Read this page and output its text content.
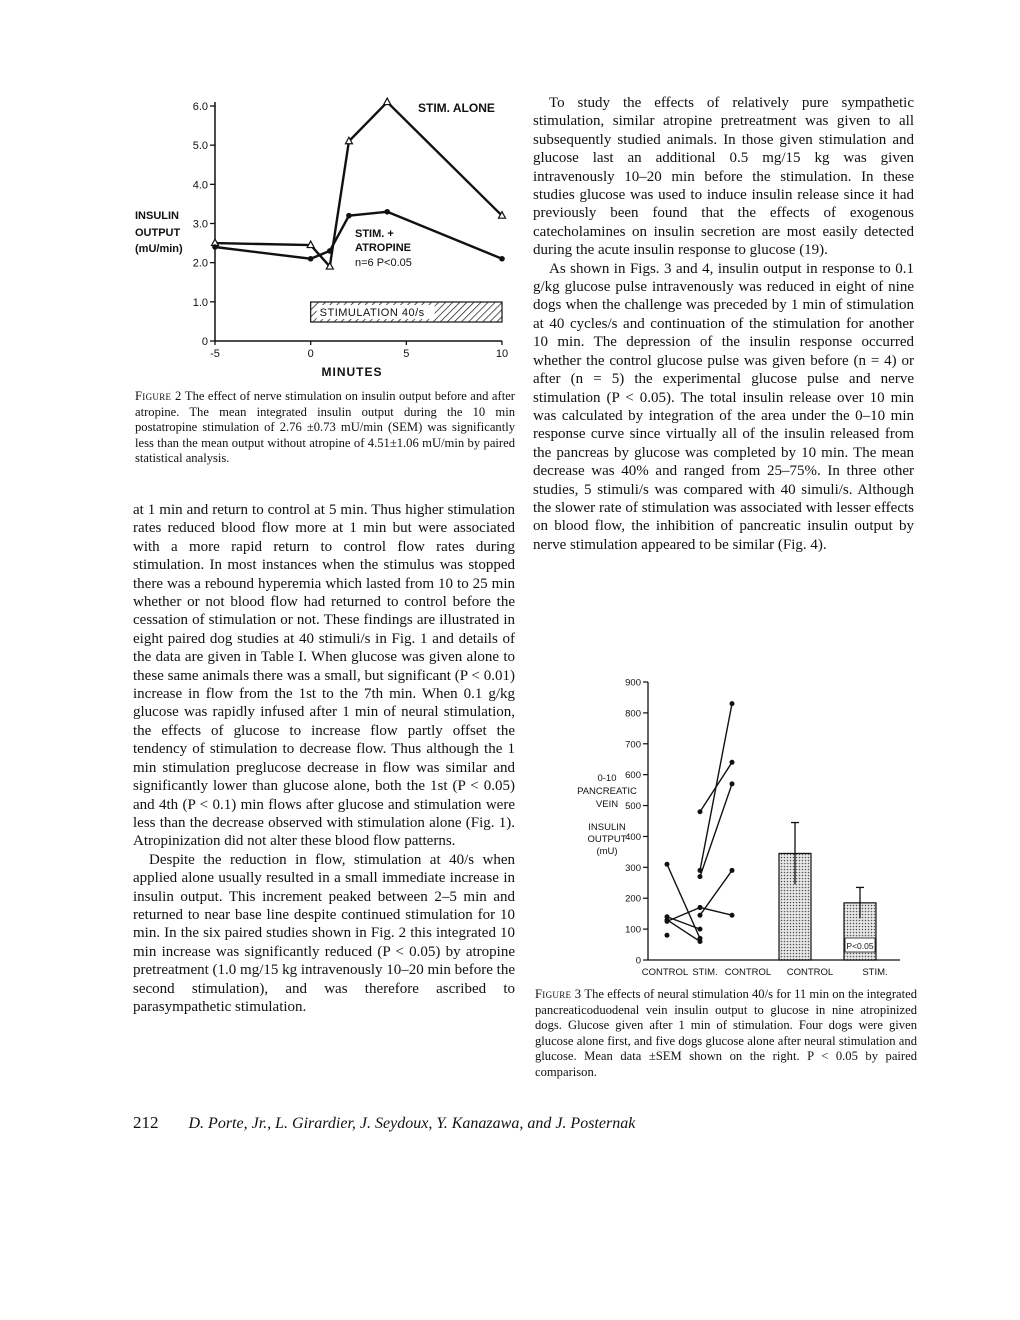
0
1.0
2.0
3.0
4.0
5.0
6.0
-5	0	5	10
STIMULATION 40/s
INSULIN
OUTPUT
(mU/min)
MINUTES
STIM. ALONE
STIM. +
ATROPINE
n=6 P<0.05
Figure 2 The effect of nerve stimulation on insulin output before and after atropine. The mean integrated insulin output during the 10 min postatropine stimulation of 2.76 ±0.73 mU/min (SEM) was significantly less than the mean output without atropine of 4.51±1.06 mU/min by paired statistical analysis.

at 1 min and return to control at 5 min. Thus higher stimulation rates reduced blood flow more at 1 min but were associated with a more rapid return to control flow rates during stimulation. In most instances when the stimulus was stopped there was a rebound hyperemia which lasted from 10 to 25 min whether or not blood flow had returned to control before the cessation of stimulation or not. These findings are illustrated in eight paired dog studies at 40 stimuli/s in Fig. 1 and details of the data are given in Table I. When glucose was given alone to these same animals there was a small, but significant (P < 0.01) increase in flow from the 1st to the 7th min. When 0.1 g/kg glucose was rapidly infused after 1 min of neural stimulation, the effects of glucose to increase flow partly offset the tendency of stimulation to decrease flow. Thus although the 1 min stimulation preglucose decrease in flow was similar and significantly lower than glucose alone, both the 1st (P < 0.05) and 4th (P < 0.1) min flows after glucose and stimulation were less than the decrease observed with stimulation alone (Fig. 1). Atropinization did not alter these blood flow patterns.

Despite the reduction in flow, stimulation at 40/s when applied alone usually resulted in a small immediate increase in insulin output. This increment peaked between 2–5 min and returned to near base line despite continued stimulation for 10 min. In the six paired studies shown in Fig. 2 this integrated 10 min increase was significantly reduced (P < 0.05) by atropine pretreatment (1.0 mg/15 kg intravenously 10–20 min before the second stimulation), and was therefore ascribed to parasympathetic stimulation.

To study the effects of relatively pure sympathetic stimulation, similar atropine pretreatment was given to all subsequently studied animals. In those given stimulation and glucose last an additional 0.5 mg/15 kg was given intravenously 10–20 min before the stimulation. In these studies glucose was used to induce insulin release since it had previously been found that the effects of exogenous catecholamines on insulin secretion are most easily detected during the acute insulin response to glucose (19).

As shown in Figs. 3 and 4, insulin output in response to 0.1 g/kg glucose pulse intravenously was reduced in eight of nine dogs when the challenge was preceded by 1 min of stimulation at 40 cycles/s and continuation of the stimulation for another 10 min. The depression of the insulin response occurred whether the control glucose pulse was given before (n = 4) or after (n = 5) the experimental glucose pulse and nerve stimulation (P < 0.05). The total insulin release over 10 min was calculated by integration of the area under the 0–10 min response curve since virtually all of the insulin released from the pancreas by glucose was completed by 10 min. The mean decrease was 40% and ranged from 25–75%. In three other studies, 5 stimuli/s was compared with 40 simuli/s. Although the slower rate of stimulation was associated with lesser effects on blood flow, the inhibition of pancreatic insulin output by nerve stimulation appeared to be similar (Fig. 4).

0
100
200
300
400
500
600
700
800
900
P<0.05
CONTROL STIM. CONTROL CONTROL	STIM.
0-10
PANCREATIC
VEIN
INSULIN
OUTPUT
(mU)
Figure 3 The effects of neural stimulation 40/s for 11 min on the integrated pancreaticoduodenal vein insulin output to glucose in nine atropinized dogs. Glucose given after 1 min of stimulation. Four dogs were given glucose alone first, and five dogs glucose alone after neural stimulation and glucose. Mean data ±SEM shown on the right. P < 0.05 by paired comparison.
212 D. Porte, Jr., L. Girardier, J. Seydoux, Y. Kanazawa, and J. Posternak
